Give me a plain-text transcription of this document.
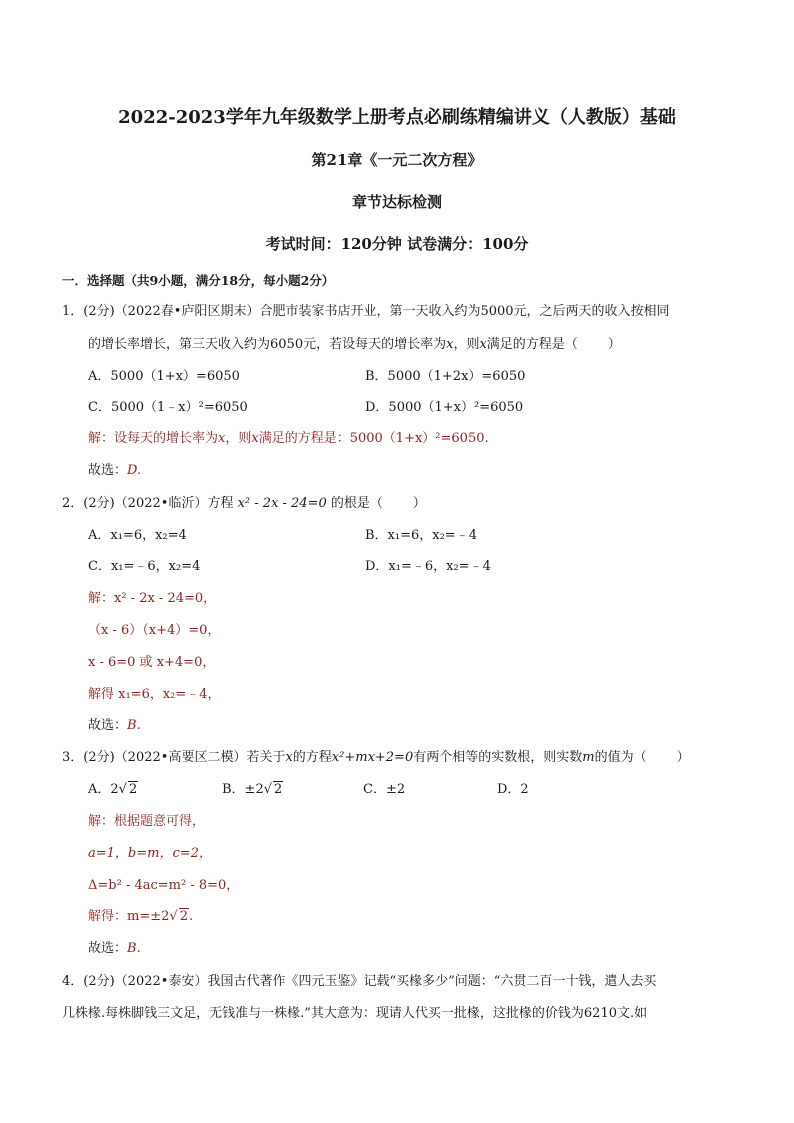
2022-2023学年九年级数学上册考点必刷练精编讲义（人教版）基础
第21章《一元二次方程》
章节达标检测
考试时间：120分钟 试卷满分：100分
一．选择题（共9小题，满分18分，每小题2分）
1．(2分)（2022春•庐阳区期末）合肥市装家书店开业，第一天收入约为5000元，之后两天的收入按相同
的增长率增长，第三天收入约为6050元，若设每天的增长率为x，则x满足的方程是（ ）
A．5000（1+x）=6050	B．5000（1+2x）=6050
C．5000（1﹣x）²=6050	D．5000（1+x）²=6050
解：设每天的增长率为x，则x满足的方程是：5000（1+x）²=6050.
故选：D.
2．(2分)（2022•临沂）方程 x² - 2x - 24=0 的根是（ ）
A．x₁=6，x₂=4	B．x₁=6，x₂=﹣4
C．x₁=﹣6，x₂=4	D．x₁=﹣6，x₂=﹣4
解：x² - 2x - 24=0，
（x - 6）（x+4）=0，
x - 6=0 或 x+4=0，
解得 x₁=6，x₂=﹣4，
故选：B.
3．(2分)（2022•高要区二模）若关于x的方程x²+mx+2=0有两个相等的实数根，则实数m的值为（ ）
A．2√ 2	B．±2√ 2	C．±2	D．2
解：根据题意可得，
a=1，b=m，c=2，
Δ=b² - 4ac=m² - 8=0，
解得：m=±2√ 2.
故选：B.
4．(2分)（2022•泰安）我国古代著作《四元玉鉴》记载“买椽多少”问题：“六贯二百一十钱，遣人去买
几株椽.每株脚钱三文足，无钱准与一株椽.”其大意为：现请人代买一批椽，这批椽的价钱为6210文.如
